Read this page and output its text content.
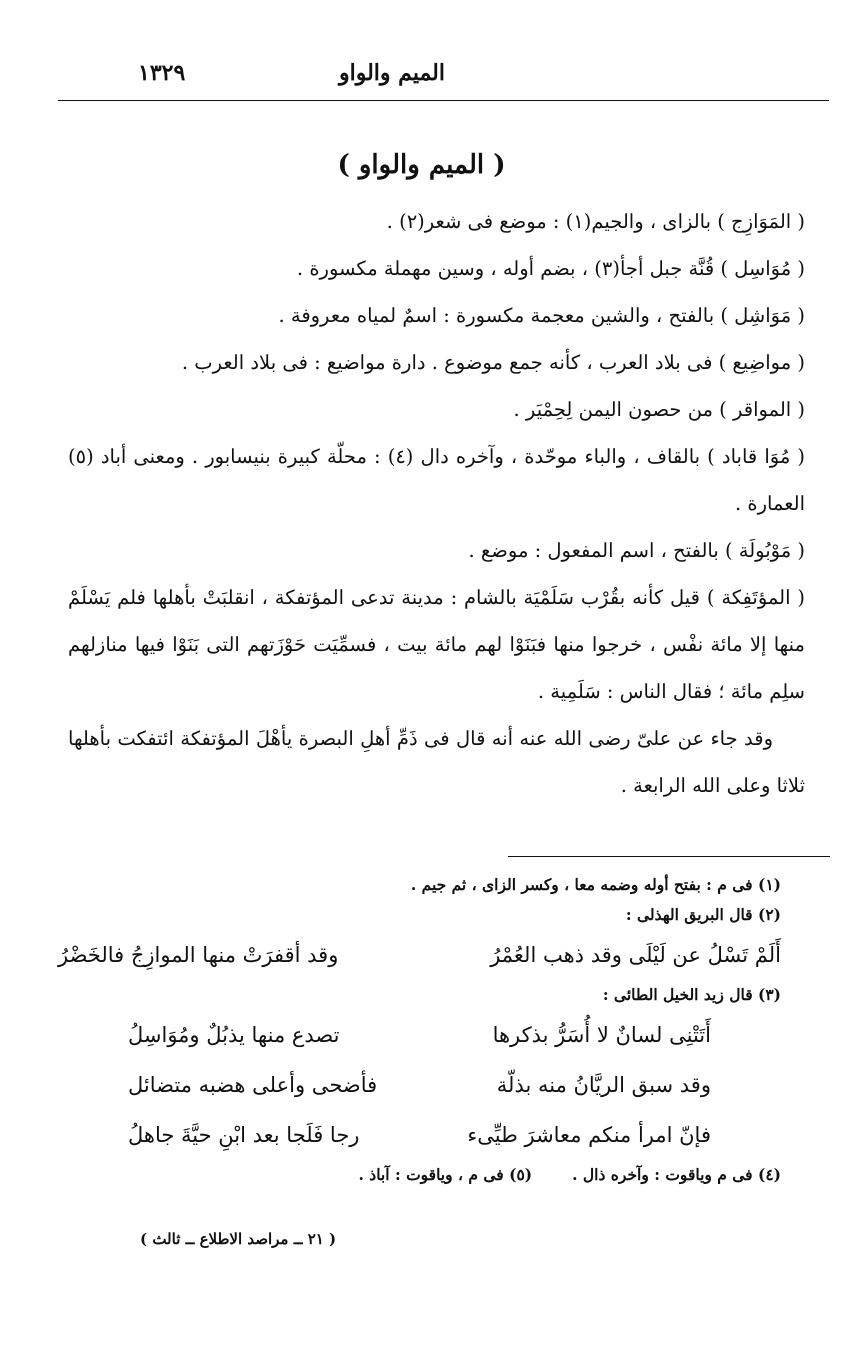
الميم والواو
١٣٢٩
( الميم والواو )

( المَوَازِج ) بالزاى ، والجيم(١) : موضع فى شعر(٢) .

( مُوَاسِل ) قُنَّة جبل أجأ(٣) ، بضم أوله ، وسين مهملة مكسورة .

( مَوَاشِل ) بالفتح ، والشين معجمة مكسورة : اسمٌ لمياه معروفة .

( مواضِيع ) فى بلاد العرب ، كأنه جمع موضوع . دارة مواضيع : فى بلاد العرب .

( المواقر ) من حصون اليمن لِحِمْيَر .

( مُوَا قاباد ) بالقاف ، والباء موحّدة ، وآخره دال (٤) : محلّة كبيرة بنيسابور . ومعنى أباد (٥) العمارة .

( مَوْبُولَة ) بالفتح ، اسم المفعول : موضع .

( المؤتَفِكة ) قيل كأنه بقُرْب سَلَمْيَة بالشام : مدينة تدعى المؤتفكة ، انقلبَتْ بأهلها فلم يَسْلَمْ منها إلا مائة نفْس ، خرجوا منها فبَنَوْا لهم مائة بيت ، فسمِّيَت حَوْزَتهم التى بَنَوْا فيها منازلهم سلِم مائة ؛ فقال الناس : سَلَمِية .

وقد جاء عن علىّ رضى الله عنه أنه قال فى ذَمِّ أهلِ البصرة يأهْلَ المؤتفكة ائتفكت بأهلها ثلاثا وعلى الله الرابعة .

(١) فى م : بفتح أوله وضمه معا ، وكسر الزاى ، ثم جيم .
(٢) قال البريق الهذلى :
أَلَمْ تَسْلُ عن لَيْلَى وقد ذهب العُمْرُ
وقد أقفرَتْ منها الموازِجُ فالخَضْرُ
(٣) قال زيد الخيل الطائى :
أَتَتْنِى لسانٌ لا أُسَرُّ بذكرها
تصدع منها يذبُلٌ ومُوَاسِلُ
وقد سبق الريَّانُ منه بذلّة
فأضحى وأعلى هضبه متضائل
فإنّ امرأ منكم معاشرَ طيِّىء
رجا فَلَجا بعد ابْنِ حيَّةَ جاهلُ
(٤) فى م وياقوت : وآخره ذال .
(٥) فى م ، وياقوت : آباذ .
( ٢١ ــ مراصد الاطلاع ــ ثالث )
